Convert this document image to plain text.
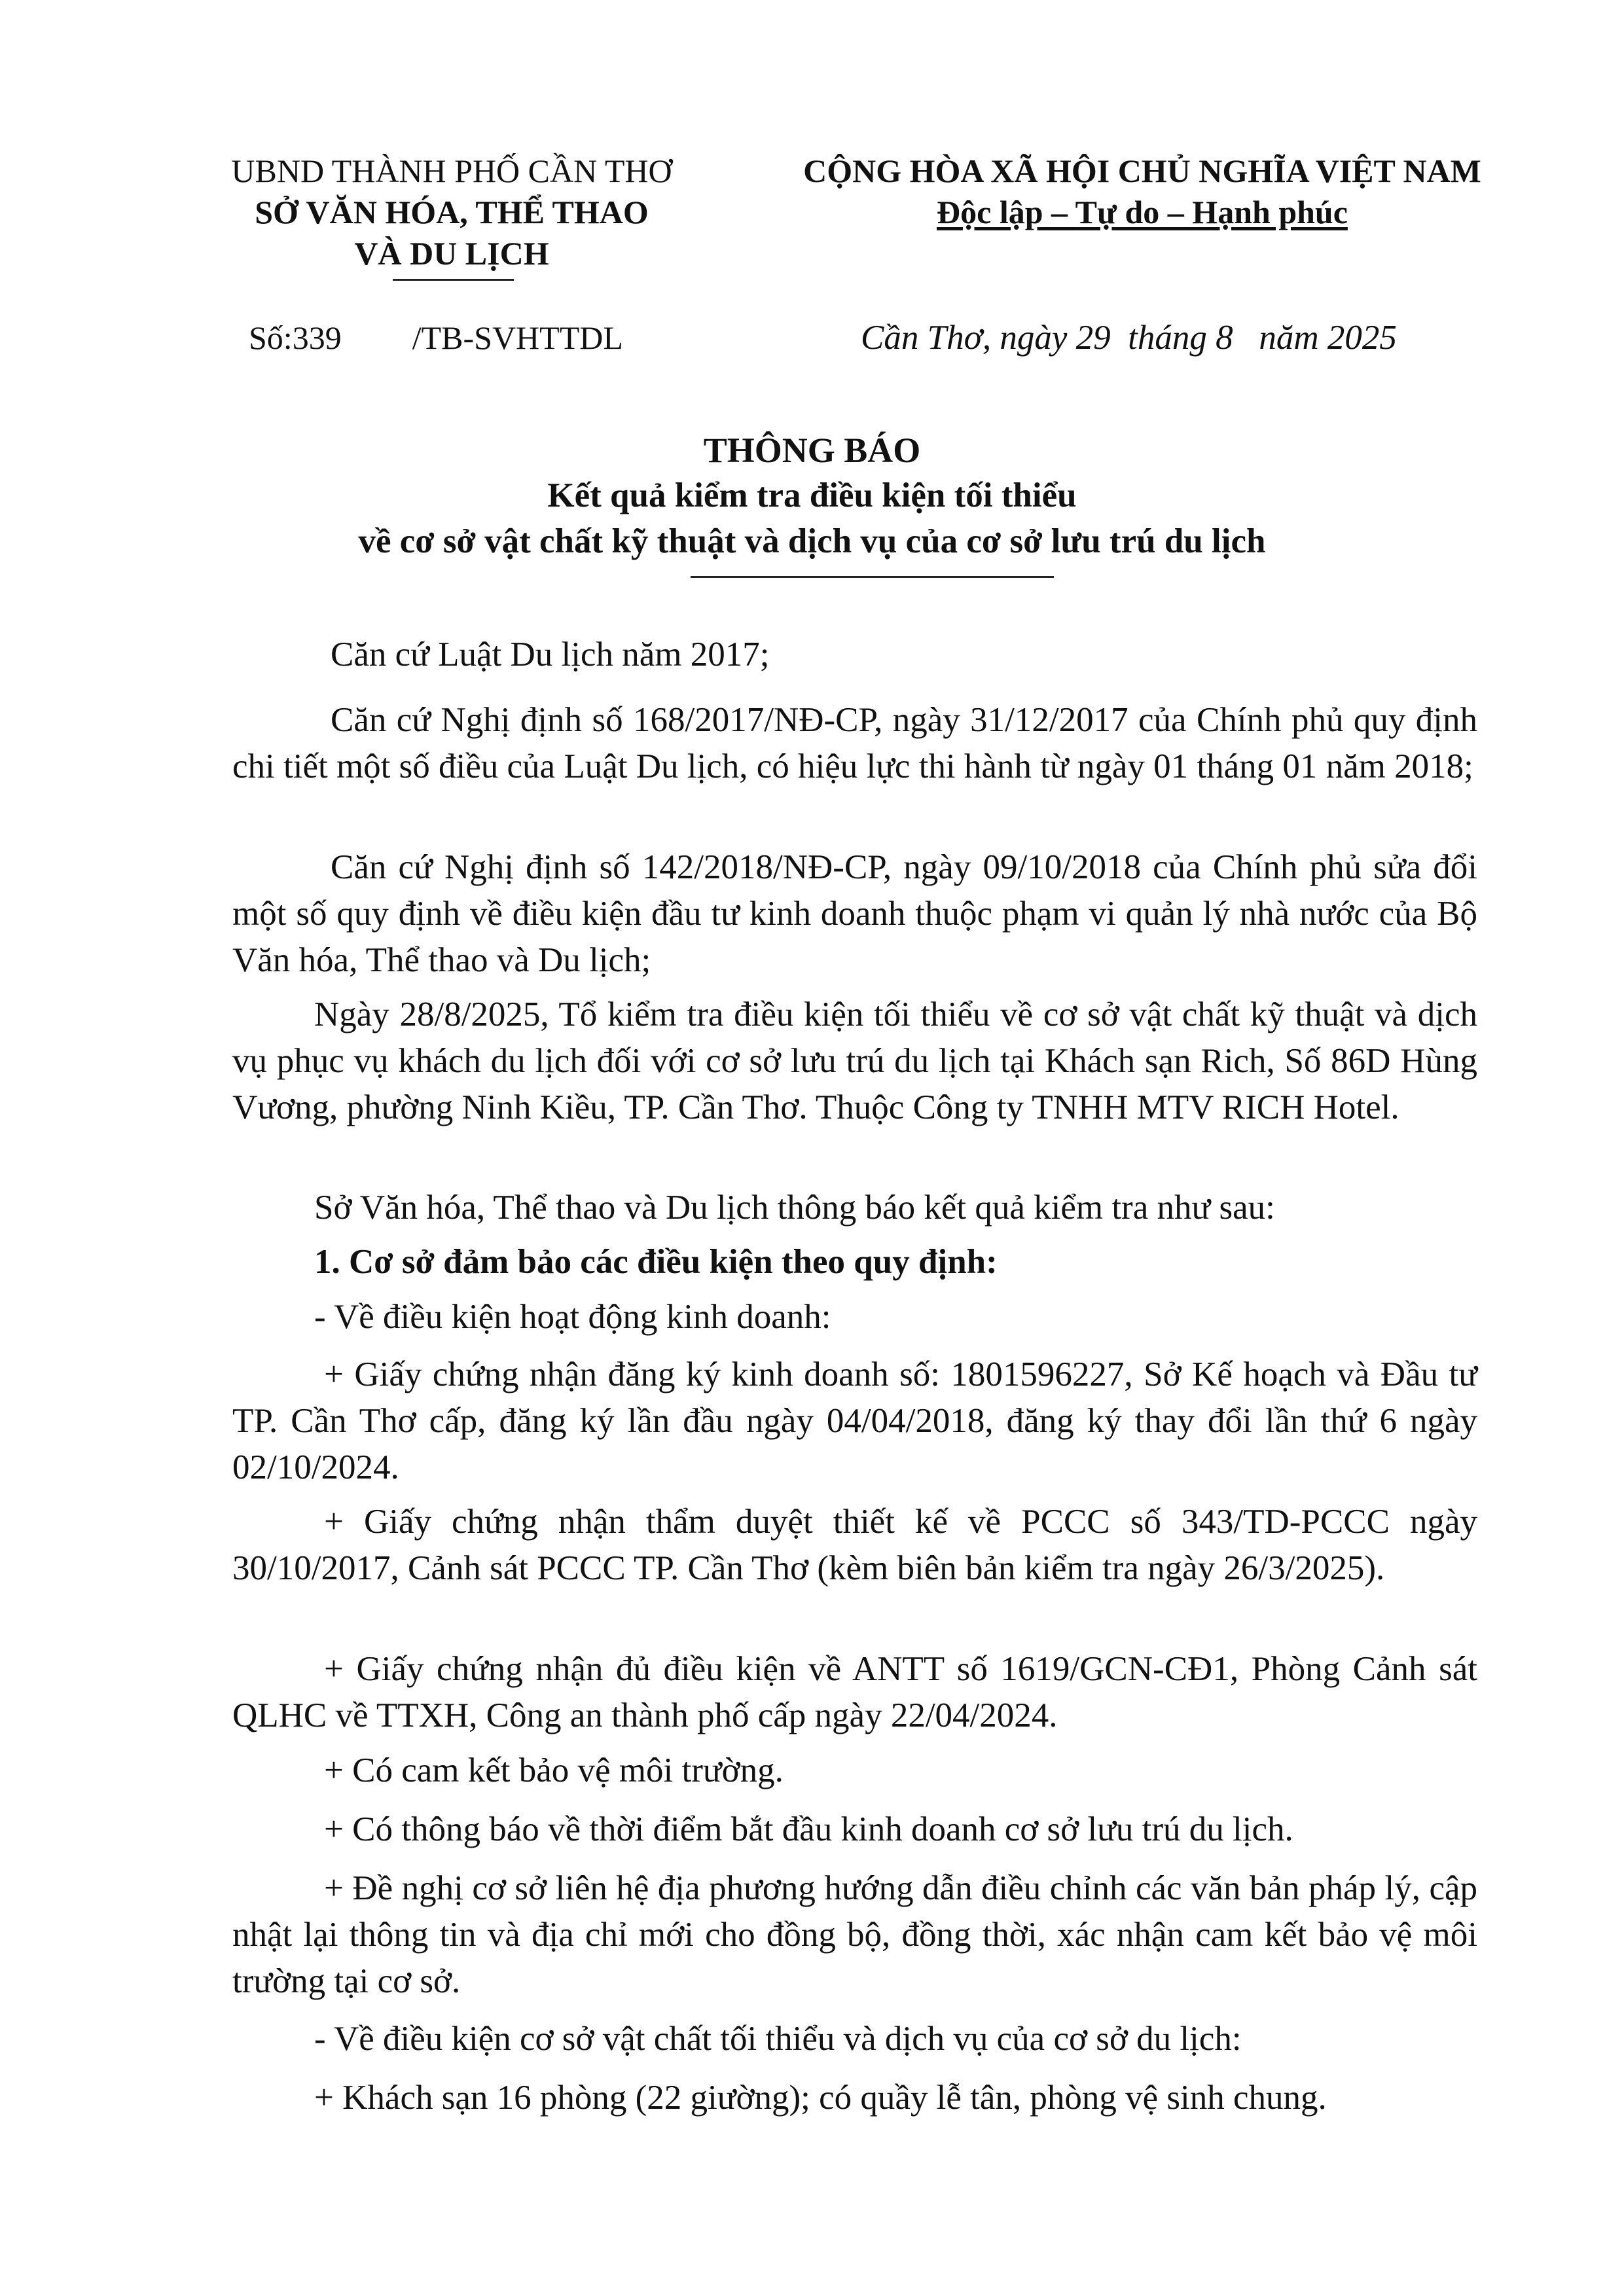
UBND THÀNH PHỐ CẦN THƠ
SỞ VĂN HÓA, THỂ THAO
VÀ DU LỊCH
CỘNG HÒA XÃ HỘI CHỦ NGHĨA VIỆT NAM
Độc lập – Tự do – Hạnh phúc
Số:339 /TB-SVHTTDL	Cần Thơ, ngày 29  tháng 8   năm 2025
THÔNG BÁO
Kết quả kiểm tra điều kiện tối thiểu
về cơ sở vật chất kỹ thuật và dịch vụ của cơ sở lưu trú du lịch
Căn cứ Luật Du lịch năm 2017;
Căn cứ Nghị định số 168/2017/NĐ-CP, ngày 31/12/2017 của Chính phủ quy định chi tiết một số điều của Luật Du lịch, có hiệu lực thi hành từ ngày 01 tháng 01 năm 2018;
Căn cứ Nghị định số 142/2018/NĐ-CP, ngày 09/10/2018 của Chính phủ sửa đổi một số quy định về điều kiện đầu tư kinh doanh thuộc phạm vi quản lý nhà nước của Bộ Văn hóa, Thể thao và Du lịch;
Ngày 28/8/2025, Tổ kiểm tra điều kiện tối thiểu về cơ sở vật chất kỹ thuật và dịch vụ phục vụ khách du lịch đối với cơ sở lưu trú du lịch tại Khách sạn Rich, Số 86D Hùng Vương, phường Ninh Kiều, TP. Cần Thơ. Thuộc Công ty TNHH MTV RICH Hotel.
Sở Văn hóa, Thể thao và Du lịch thông báo kết quả kiểm tra như sau:
1. Cơ sở đảm bảo các điều kiện theo quy định:
- Về điều kiện hoạt động kinh doanh:
+ Giấy chứng nhận đăng ký kinh doanh số: 1801596227, Sở Kế hoạch và Đầu tư TP. Cần Thơ cấp, đăng ký lần đầu ngày 04/04/2018, đăng ký thay đổi lần thứ 6 ngày 02/10/2024.
+ Giấy chứng nhận thẩm duyệt thiết kế về PCCC số 343/TD-PCCC ngày 30/10/2017, Cảnh sát PCCC TP. Cần Thơ (kèm biên bản kiểm tra ngày 26/3/2025).
+ Giấy chứng nhận đủ điều kiện về ANTT số 1619/GCN-CĐ1, Phòng Cảnh sát QLHC về TTXH, Công an thành phố cấp ngày 22/04/2024.
+ Có cam kết bảo vệ môi trường.
+ Có thông báo về thời điểm bắt đầu kinh doanh cơ sở lưu trú du lịch.
+ Đề nghị cơ sở liên hệ địa phương hướng dẫn điều chỉnh các văn bản pháp lý, cập nhật lại thông tin và địa chỉ mới cho đồng bộ, đồng thời, xác nhận cam kết bảo vệ môi trường tại cơ sở.
- Về điều kiện cơ sở vật chất tối thiểu và dịch vụ của cơ sở du lịch:
+ Khách sạn 16 phòng (22 giường); có quầy lễ tân, phòng vệ sinh chung.
